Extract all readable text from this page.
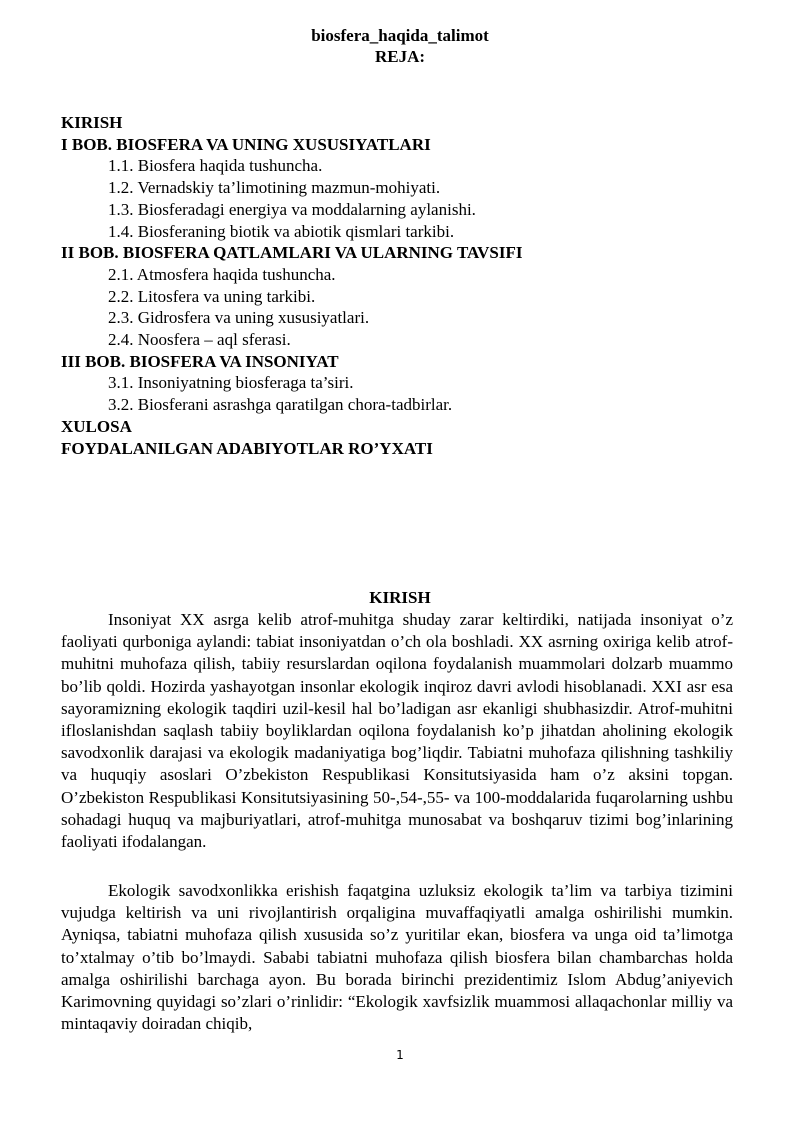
biosfera_haqida_talimot
REJA:
KIRISH
I BOB. BIOSFERA VA UNING XUSUSIYATLARI
1.1. Biosfera haqida tushuncha.
1.2. Vernadskiy ta’limotining mazmun-mohiyati.
1.3. Biosferadagi energiya va moddalarning aylanishi.
1.4. Biosferaning biotik va abiotik qismlari tarkibi.
II BOB. BIOSFERA QATLAMLARI VA ULARNING TAVSIFI
2.1. Atmosfera haqida tushuncha.
2.2. Litosfera va uning tarkibi.
2.3. Gidrosfera va uning xususiyatlari.
2.4. Noosfera – aql sferasi.
III BOB. BIOSFERA VA INSONIYAT
3.1. Insoniyatning biosferaga ta’siri.
3.2. Biosferani asrashga qaratilgan chora-tadbirlar.
XULOSA
FOYDALANILGAN ADABIYOTLAR RO’YXATI
KIRISH

Insoniyat XX asrga kelib atrof-muhitga shuday zarar keltirdiki, natijada insoniyat o’z faoliyati qurboniga aylandi: tabiat insoniyatdan o’ch ola boshladi. XX asrning oxiriga kelib atrof-muhitni muhofaza qilish, tabiiy resurslardan oqilona foydalanish muammolari dolzarb muammo bo’lib qoldi. Hozirda yashayotgan insonlar ekologik inqiroz davri avlodi hisoblanadi. XXI asr esa sayoramizning ekologik taqdiri uzil-kesil hal bo’ladigan asr ekanligi shubhasizdir. Atrof-muhitni ifloslanishdan saqlash tabiiy boyliklardan oqilona foydalanish ko’p jihatdan aholining ekologik savodxonlik darajasi va ekologik madaniyatiga bog’liqdir. Tabiatni muhofaza qilishning tashkiliy va huquqiy asoslari O’zbekiston Respublikasi Konsitutsiyasida ham o’z aksini topgan. O’zbekiston Respublikasi Konsitutsiyasining 50-,54-,55- va 100-moddalarida fuqarolarning ushbu sohadagi huquq va majburiyatlari, atrof-muhitga munosabat va boshqaruv tizimi bog’inlarining faoliyati ifodalangan.

Ekologik savodxonlikka erishish faqatgina uzluksiz ekologik ta’lim va tarbiya tizimini vujudga keltirish va uni rivojlantirish orqaligina muvaffaqiyatli amalga oshirilishi mumkin. Ayniqsa, tabiatni muhofaza qilish xususida so’z yuritilar ekan, biosfera va unga oid ta’limotga to’xtalmay o’tib bo’lmaydi. Sababi tabiatni muhofaza qilish biosfera bilan chambarchas holda amalga oshirilishi barchaga ayon. Bu borada birinchi prezidentimiz Islom Abdug’aniyevich Karimovning quyidagi so’zlari o’rinlidir: “Ekologik xavfsizlik muammosi allaqachonlar milliy va mintaqaviy doiradan chiqib,

1
